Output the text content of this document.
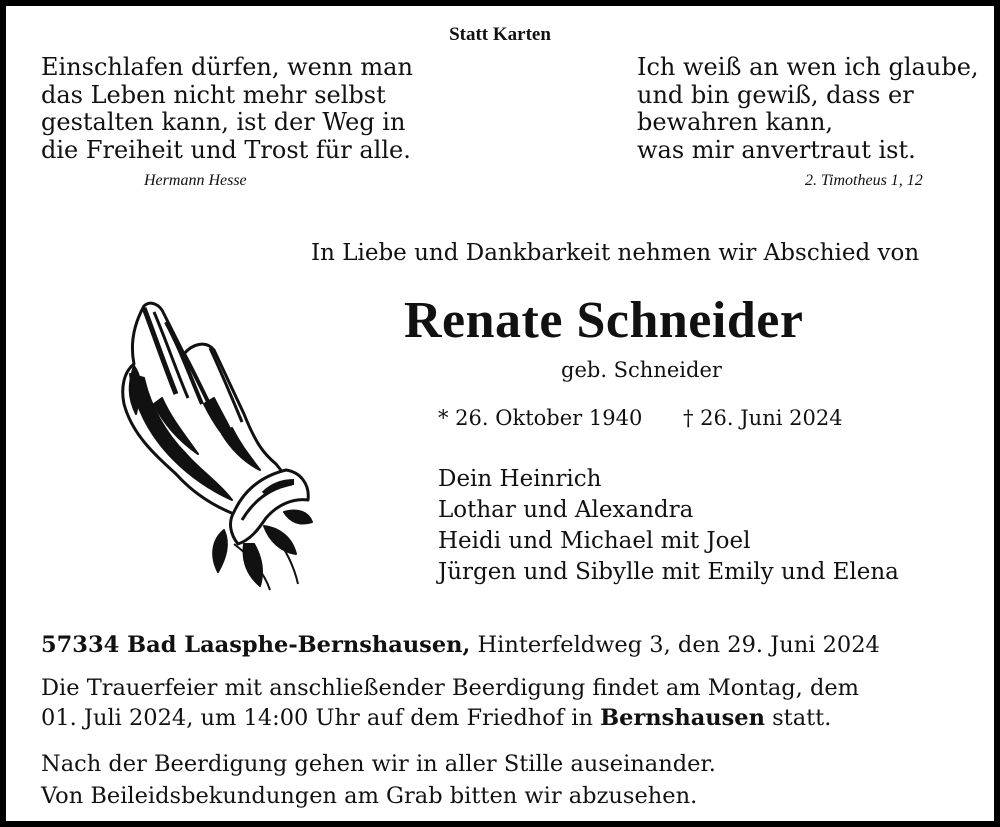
Statt Karten

Einschlafen dürfen, wenn man
das Leben nicht mehr selbst
gestalten kann, ist der Weg in
die Freiheit und Trost für alle.

Hermann Hesse

Ich weiß an wen ich glaube,
und bin gewiß, dass er
bewahren kann,
was mir anvertraut ist.

2. Timotheus 1, 12

In Liebe und Dankbarkeit nehmen wir Abschied von

Renate Schneider

geb. Schneider

* 26. Oktober 1940 † 26. Juni 2024

Dein Heinrich
Lothar und Alexandra
Heidi und Michael mit Joel
Jürgen und Sibylle mit Emily und Elena

57334 Bad Laasphe-Bernshausen, Hinterfeldweg 3, den 29. Juni 2024

Die Trauerfeier mit anschließender Beerdigung findet am Montag, dem
01. Juli 2024, um 14:00 Uhr auf dem Friedhof in Bernshausen statt.
Nach der Beerdigung gehen wir in aller Stille auseinander.
Von Beileidsbekundungen am Grab bitten wir abzusehen.
